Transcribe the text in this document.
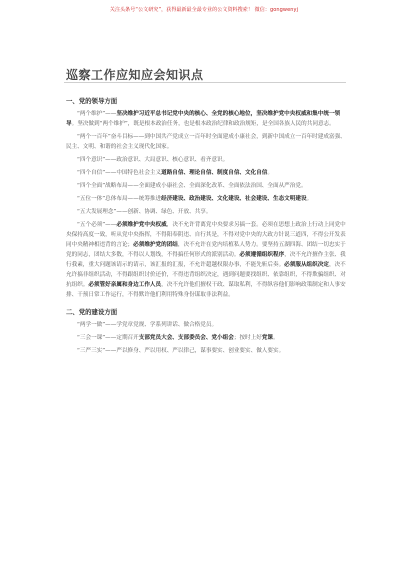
关注头条号“公文研究”，获得最新最全最专业的公文资料搜索！ 微信：gongwenyj
巡察工作应知应会知识点
一、党的领导方面
“两个维护”——坚决维护习近平总书记党中央的核心、全党的核心地位，坚决维护党中央权威和集中统一领导。坚决做到“两个维护”，既是根本政治任务，也是根本政治纪律和政治规矩，是全国各族人民的共同意志。
“两个一百年”奋斗目标——到中国共产党成立一百年时全面建成小康社会，到新中国成立一百年时建成富强、民主、文明、和谐的社会主义现代化国家。
“四个意识”——政治意识、大局意识、核心意识、看齐意识。
“四个自信”——中国特色社会主义道路自信、理论自信、制度自信、文化自信。
“四个全面”战略布局——全面建成小康社会、全面深化改革、全面依法治国、全面从严治党。
“五位一体”总体布局——统筹推进经济建设、政治建设、文化建设、社会建设、生态文明建设。
“五大发展理念”——创新、协调、绿色、开放、共享。
“五个必须”——必须维护党中央权威，决不允许背离党中央要求另搞一套。必须在思想上政治上行动上同党中央保持高度一致，听从党中央指挥，不得阳奉阴违、自行其是，不得对党中央的大政方针说三道四，不得公开发表同中央精神相违背的言论；必须维护党的团结，决不允许在党内培植私人势力。要坚持五湖四海、团结一切忠实于党的同志，团结大多数，不得以人划线，不得搞任何形式的派别活动。必须遵循组织程序，决不允许擅作主张、我行我素，重大问题该请示的请示，该汇报的汇报，不允许超越权限办事，不能先斩后奏。必须服从组织决定，决不允许搞非组织活动，不得跟组织讨价还价，不得违背组织决定，遇到问题要找组织、依靠组织，不得欺骗组织、对抗组织。必须管好亲属和身边工作人员，决不允许他们擅权干政、谋取私利，不得纵容他们影响政策制定和人事安排、干预日常工作运行，不得默许他们利用特殊身份谋取非法利益。
二、党的建设方面
“两学一做”——学党章党规、学系列讲话、做合格党员。
“三会一课”——定期召开支部党员大会、支部委员会、党小组会；按时上好党课。
“三严三实”——严以修身、严以用权、严以律己，谋事要实、创业要实、做人要实。
